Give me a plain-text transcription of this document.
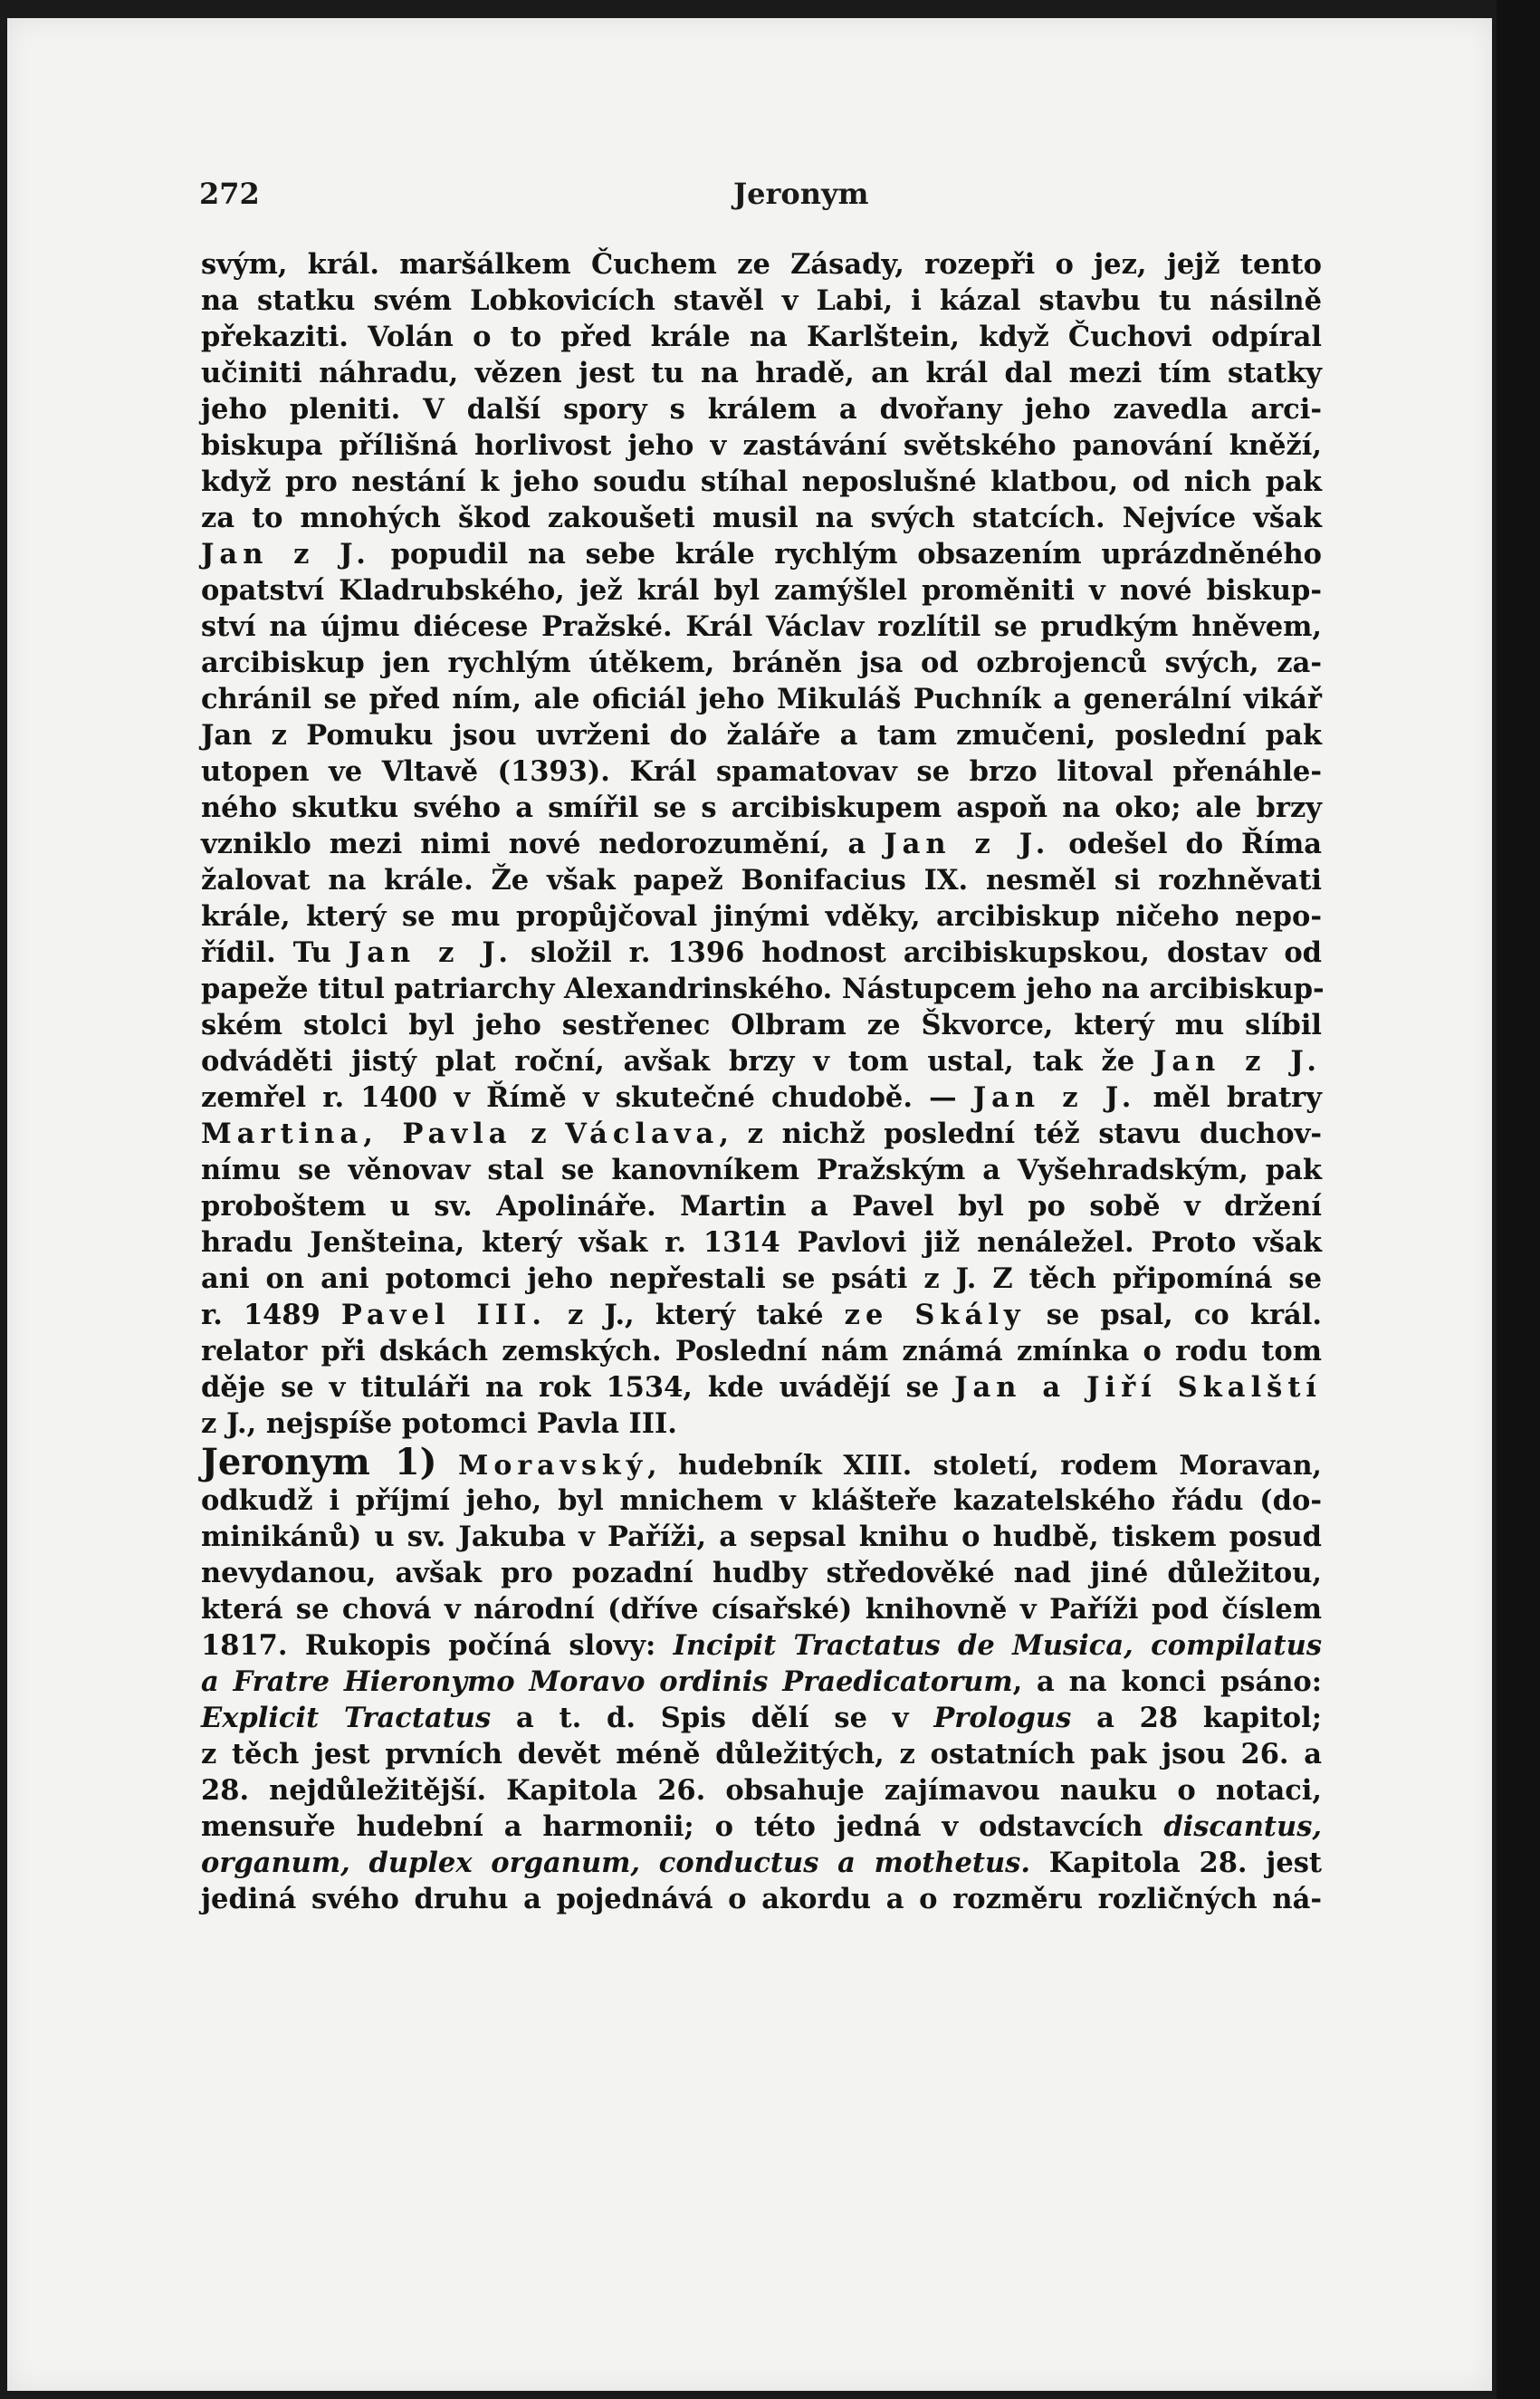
272	Jeronym
svým, král. maršálkem Čuchem ze Zásady, rozepři o jez, jejž tento
na statku svém Lobkovicích stavěl v Labi, i kázal stavbu tu násilně
překaziti. Volán o to před krále na Karlštein, když Čuchovi odpíral
učiniti náhradu, vězen jest tu na hradě, an král dal mezi tím statky
jeho pleniti. V další spory s králem a dvořany jeho zavedla arci-
biskupa přílišná horlivost jeho v zastávání světského panování kněží,
když pro nestání k jeho soudu stíhal neposlušné klatbou, od nich pak
za to mnohých škod zakoušeti musil na svých statcích. Nejvíce však
Jan z J. popudil na sebe krále rychlým obsazením uprázdněného
opatství Kladrubského, jež král byl zamýšlel proměniti v nové biskup-
ství na újmu diécese Pražské. Král Václav rozlítil se prudkým hněvem,
arcibiskup jen rychlým útěkem, bráněn jsa od ozbrojenců svých, za-
chránil se před ním, ale oficiál jeho Mikuláš Puchník a generální vikář
Jan z Pomuku jsou uvrženi do žaláře a tam zmučeni, poslední pak
utopen ve Vltavě (1393). Král spamatovav se brzo litoval přenáhle-
ného skutku svého a smířil se s arcibiskupem aspoň na oko; ale brzy
vzniklo mezi nimi nové nedorozumění, a Jan z J. odešel do Říma
žalovat na krále. Že však papež Bonifacius IX. nesměl si rozhněvati
krále, který se mu propůjčoval jinými vděky, arcibiskup ničeho nepo-
řídil. Tu Jan z J. složil r. 1396 hodnost arcibiskupskou, dostav od
papeže titul patriarchy Alexandrinského. Nástupcem jeho na arcibiskup-
ském stolci byl jeho sestřenec Olbram ze Škvorce, který mu slíbil
odváděti jistý plat roční, avšak brzy v tom ustal, tak že Jan z J.
zemřel r. 1400 v Římě v skutečné chudobě. — Jan z J. měl bratry
Martina, Pavla z Václava, z nichž poslední též stavu duchov-
nímu se věnovav stal se kanovníkem Pražským a Vyšehradským, pak
proboštem u sv. Apolináře. Martin a Pavel byl po sobě v držení
hradu Jenšteina, který však r. 1314 Pavlovi již nenáležel. Proto však
ani on ani potomci jeho nepřestali se psáti z J. Z těch připomíná se
r. 1489 Pavel III. z J., který také ze Skály se psal, co král.
relator při dskách zemských. Poslední nám známá zmínka o rodu tom
děje se v tituláři na rok 1534, kde uvádějí se Jan a Jiří Skalští
z J., nejspíše potomci Pavla III.
Jeronym 1) Moravský, hudebník XIII. století, rodem Moravan,
odkudž i příjmí jeho, byl mnichem v klášteře kazatelského řádu (do-
minikánů) u sv. Jakuba v Paříži, a sepsal knihu o hudbě, tiskem posud
nevydanou, avšak pro pozadní hudby středověké nad jiné důležitou,
která se chová v národní (dříve císařské) knihovně v Paříži pod číslem
1817. Rukopis počíná slovy: Incipit Tractatus de Musica, compilatus
a Fratre Hieronymo Moravo ordinis Praedicatorum, a na konci psáno:
Explicit Tractatus a t. d. Spis dělí se v Prologus a 28 kapitol;
z těch jest prvních devět méně důležitých, z ostatních pak jsou 26. a
28. nejdůležitější. Kapitola 26. obsahuje zajímavou nauku o notaci,
mensuře hudební a harmonii; o této jedná v odstavcích discantus,
organum, duplex organum, conductus a mothetus. Kapitola 28. jest
jediná svého druhu a pojednává o akordu a o rozměru rozličných ná-
